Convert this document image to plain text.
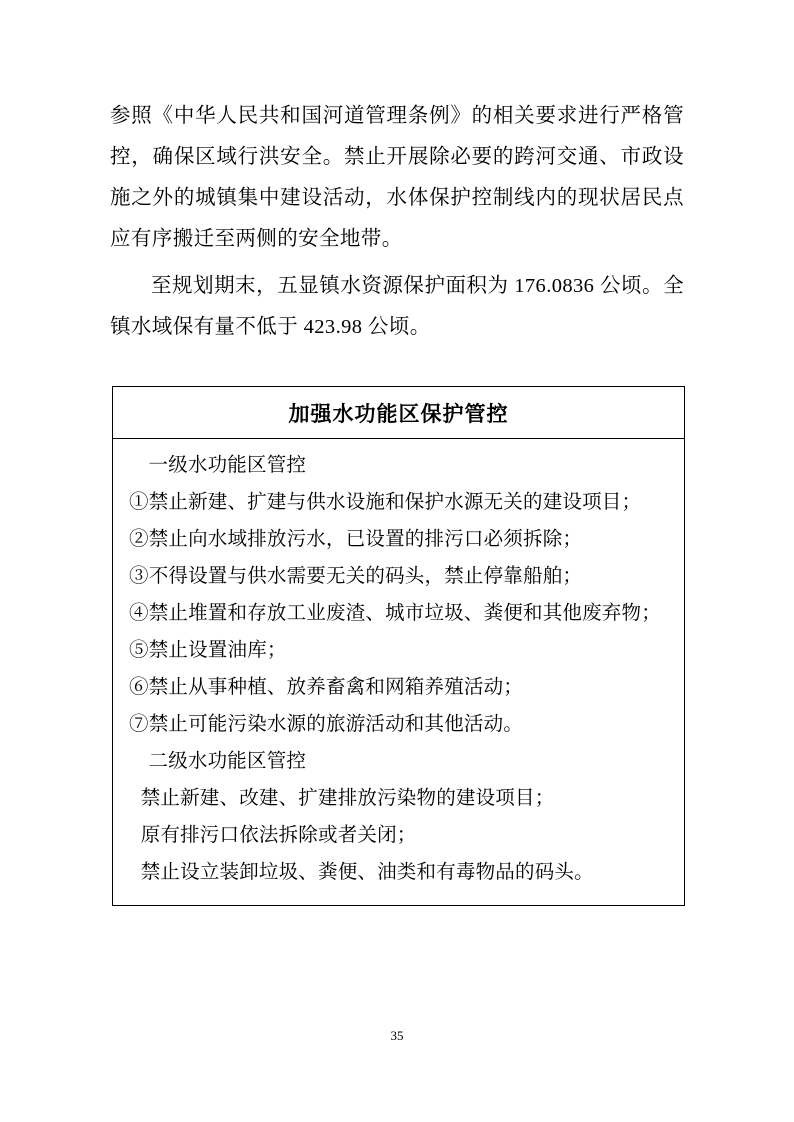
参照《中华人民共和国河道管理条例》的相关要求进行严格管控，确保区域行洪安全。禁止开展除必要的跨河交通、市政设施之外的城镇集中建设活动，水体保护控制线内的现状居民点应有序搬迁至两侧的安全地带。

至规划期末，五显镇水资源保护面积为 176.0836 公顷。全镇水域保有量不低于 423.98 公顷。

加强水功能区保护管控
一级水功能区管控
①禁止新建、扩建与供水设施和保护水源无关的建设项目；
②禁止向水域排放污水，已设置的排污口必须拆除；
③不得设置与供水需要无关的码头，禁止停靠船舶；
④禁止堆置和存放工业废渣、城市垃圾、粪便和其他废弃物；
⑤禁止设置油库；
⑥禁止从事种植、放养畜禽和网箱养殖活动；
⑦禁止可能污染水源的旅游活动和其他活动。
二级水功能区管控
禁止新建、改建、扩建排放污染物的建设项目；
原有排污口依法拆除或者关闭；
禁止设立装卸垃圾、粪便、油类和有毒物品的码头。
35
